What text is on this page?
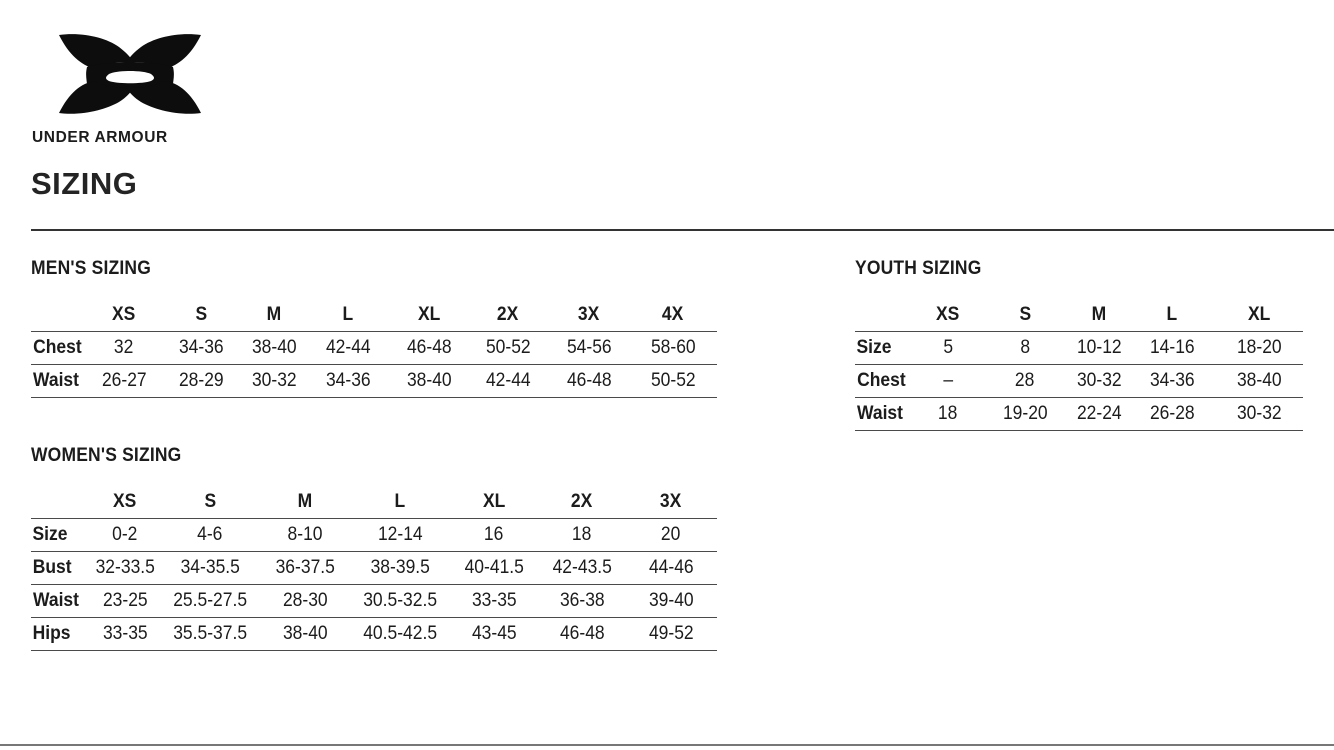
UNDER ARMOUR
SIZING
MEN'S SIZING
	XS	S	M	L	XL	2X	3X	4X
Chest	32	34-36	38-40	42-44	46-48	50-52	54-56	58-60
Waist	26-27	28-29	30-32	34-36	38-40	42-44	46-48	50-52
WOMEN'S SIZING
	XS	S	M	L	XL	2X	3X
Size	0-2	4-6	8-10	12-14	16	18	20
Bust	32-33.5	34-35.5	36-37.5	38-39.5	40-41.5	42-43.5	44-46
Waist	23-25	25.5-27.5	28-30	30.5-32.5	33-35	36-38	39-40
Hips	33-35	35.5-37.5	38-40	40.5-42.5	43-45	46-48	49-52
YOUTH SIZING
	XS	S	M	L	XL
Size	5	8	10-12	14-16	18-20
Chest	–	28	30-32	34-36	38-40
Waist	18	19-20	22-24	26-28	30-32
